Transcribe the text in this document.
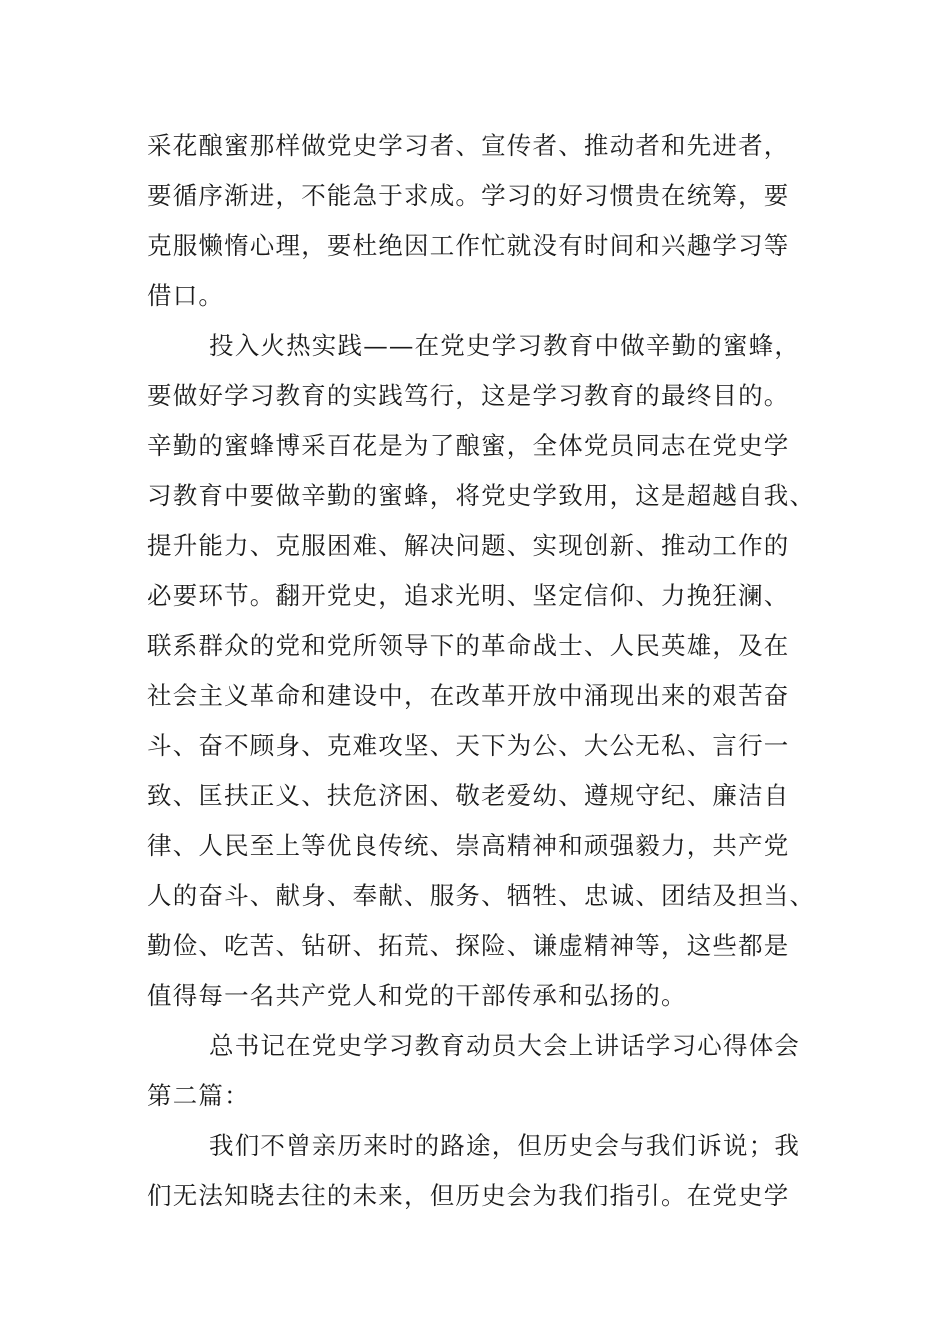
采花酿蜜那样做党史学习者、宣传者、推动者和先进者，
要循序渐进，不能急于求成。学习的好习惯贵在统筹，要
克服懒惰心理，要杜绝因工作忙就没有时间和兴趣学习等
借口。
投入火热实践——在党史学习教育中做辛勤的蜜蜂，
要做好学习教育的实践笃行，这是学习教育的最终目的。
辛勤的蜜蜂博采百花是为了酿蜜，全体党员同志在党史学
习教育中要做辛勤的蜜蜂，将党史学致用，这是超越自我、
提升能力、克服困难、解决问题、实现创新、推动工作的
必要环节。翻开党史，追求光明、坚定信仰、力挽狂澜、
联系群众的党和党所领导下的革命战士、人民英雄，及在
社会主义革命和建设中，在改革开放中涌现出来的艰苦奋
斗、奋不顾身、克难攻坚、天下为公、大公无私、言行一
致、匡扶正义、扶危济困、敬老爱幼、遵规守纪、廉洁自
律、人民至上等优良传统、崇高精神和顽强毅力，共产党
人的奋斗、献身、奉献、服务、牺牲、忠诚、团结及担当、
勤俭、吃苦、钻研、拓荒、探险、谦虚精神等，这些都是
值得每一名共产党人和党的干部传承和弘扬的。
总书记在党史学习教育动员大会上讲话学习心得体会
第二篇：
我们不曾亲历来时的路途，但历史会与我们诉说；我
们无法知晓去往的未来，但历史会为我们指引。在党史学
